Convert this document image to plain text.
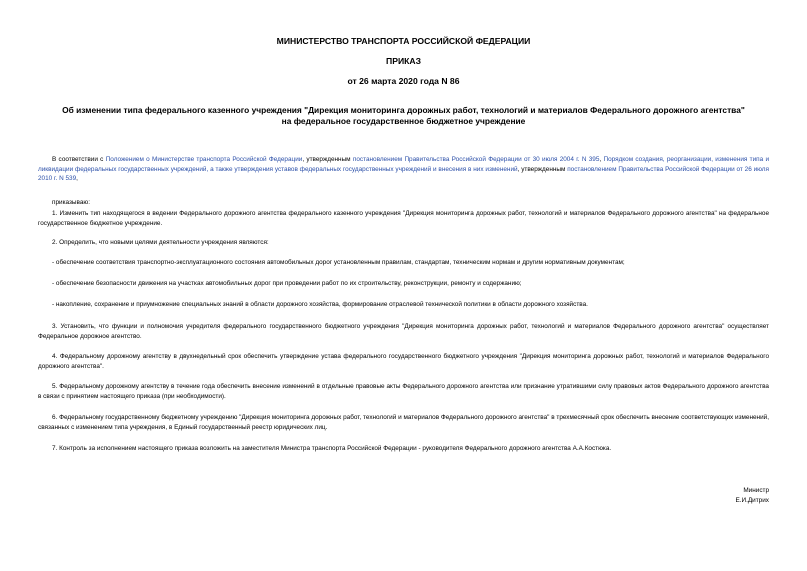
МИНИСТЕРСТВО ТРАНСПОРТА РОССИЙСКОЙ ФЕДЕРАЦИИ
ПРИКАЗ
от 26 марта 2020 года N 86
Об изменении типа федерального казенного учреждения "Дирекция мониторинга дорожных работ, технологий и материалов Федерального дорожного агентства"
на федеральное государственное бюджетное учреждение
В соответствии с Положением о Министерстве транспорта Российской Федерации, утвержденным постановлением Правительства Российской Федерации от 30 июля 2004 г. N 395, Порядком создания, реорганизации, изменения типа и ликвидации федеральных государственных учреждений, а также утверждения уставов федеральных государственных учреждений и внесения в них изменений, утвержденным постановлением Правительства Российской Федерации от 26 июля 2010 г. N 539,
приказываю:
1. Изменить тип находящегося в ведении Федерального дорожного агентства федерального казенного учреждения "Дирекция мониторинга дорожных работ, технологий и материалов Федерального дорожного агентства" на федеральное государственное бюджетное учреждение.
2. Определить, что новыми целями деятельности учреждения являются:
- обеспечение соответствия транспортно-эксплуатационного состояния автомобильных дорог установленным правилам, стандартам, техническим нормам и другим нормативным документам;
- обеспечение безопасности движения на участках автомобильных дорог при проведении работ по их строительству, реконструкции, ремонту и содержанию;
- накопление, сохранение и приумножение специальных знаний в области дорожного хозяйства, формирование отраслевой технической политики в области дорожного хозяйства.
3. Установить, что функции и полномочия учредителя федерального государственного бюджетного учреждения "Дирекция мониторинга дорожных работ, технологий и материалов Федерального дорожного агентства" осуществляет Федеральное дорожное агентство.
4. Федеральному дорожному агентству в двухнедельный срок обеспечить утверждение устава федерального государственного бюджетного учреждения "Дирекция мониторинга дорожных работ, технологий и материалов Федерального дорожного агентства".
5. Федеральному дорожному агентству в течение года обеспечить внесение изменений в отдельные правовые акты Федерального дорожного агентства или признание утратившими силу правовых актов Федерального дорожного агентства в связи с принятием настоящего приказа (при необходимости).
6. Федеральному государственному бюджетному учреждению "Дирекция мониторинга дорожных работ, технологий и материалов Федерального дорожного агентства" в трехмесячный срок обеспечить внесение соответствующих изменений, связанных с изменением типа учреждения, в Единый государственный реестр юридических лиц.
7. Контроль за исполнением настоящего приказа возложить на заместителя Министра транспорта Российской Федерации - руководителя Федерального дорожного агентства А.А.Костюка.
Министр
Е.И.Дитрих
